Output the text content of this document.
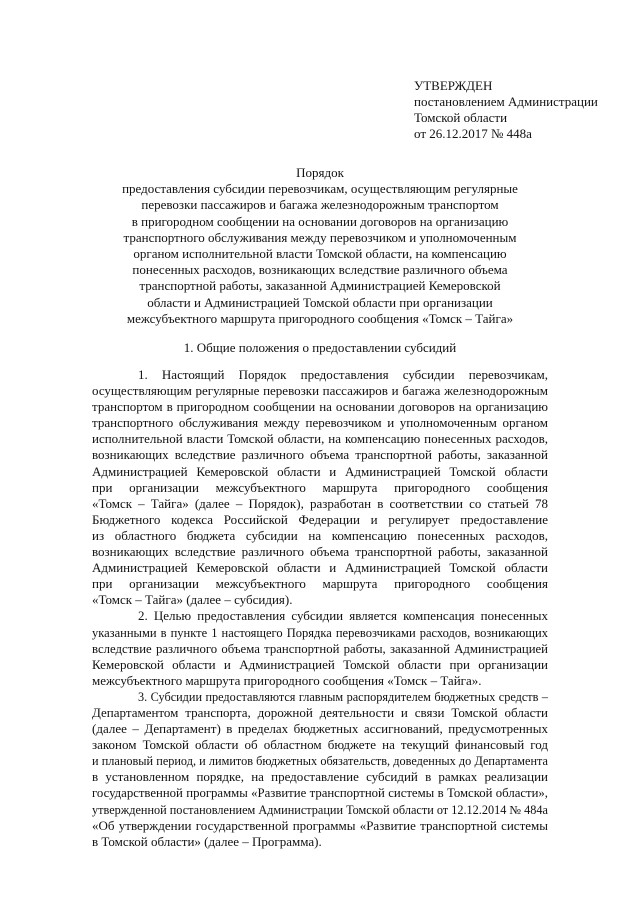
УТВЕРЖДЕН
постановлением Администрации
Томской области
от 26.12.2017 № 448а
Порядок
предоставления субсидии перевозчикам, осуществляющим регулярные
перевозки пассажиров и багажа железнодорожным транспортом
в пригородном сообщении на основании договоров на организацию
транспортного обслуживания между перевозчиком и уполномоченным
органом исполнительной власти Томской области, на компенсацию
понесенных расходов, возникающих вследствие различного объема
транспортной работы, заказанной Администрацией Кемеровской
области и Администрацией Томской области при организации
межсубъектного маршрута пригородного сообщения «Томск – Тайга»
1. Общие положения о предоставлении субсидий
1. Настоящий Порядок предоставления субсидии перевозчикам,
осуществляющим регулярные перевозки пассажиров и багажа железнодорожным
транспортом в пригородном сообщении на основании договоров на организацию
транспортного обслуживания между перевозчиком и уполномоченным органом
исполнительной власти Томской области, на компенсацию понесенных расходов,
возникающих вследствие различного объема транспортной работы, заказанной
Администрацией Кемеровской области и Администрацией Томской области
при организации межсубъектного маршрута пригородного сообщения
«Томск – Тайга» (далее – Порядок), разработан в соответствии со статьей 78
Бюджетного кодекса Российской Федерации и регулирует предоставление
из областного бюджета субсидии на компенсацию понесенных расходов,
возникающих вследствие различного объема транспортной работы, заказанной
Администрацией Кемеровской области и Администрацией Томской области
при организации межсубъектного маршрута пригородного сообщения
«Томск – Тайга» (далее – субсидия).
2. Целью предоставления субсидии является компенсация понесенных
указанными в пункте 1 настоящего Порядка перевозчиками расходов, возникающих
вследствие различного объема транспортной работы, заказанной Администрацией
Кемеровской области и Администрацией Томской области при организации
межсубъектного маршрута пригородного сообщения «Томск – Тайга».
3. Субсидии предоставляются главным распорядителем бюджетных средств –
Департаментом транспорта, дорожной деятельности и связи Томской области
(далее – Департамент) в пределах бюджетных ассигнований, предусмотренных
законом Томской области об областном бюджете на текущий финансовый год
и плановый период, и лимитов бюджетных обязательств, доведенных до Департамента
в установленном порядке, на предоставление субсидий в рамках реализации
государственной программы «Развитие транспортной системы в Томской области»,
утвержденной постановлением Администрации Томской области от 12.12.2014 № 484а
«Об утверждении государственной программы «Развитие транспортной системы
в Томской области» (далее – Программа).
